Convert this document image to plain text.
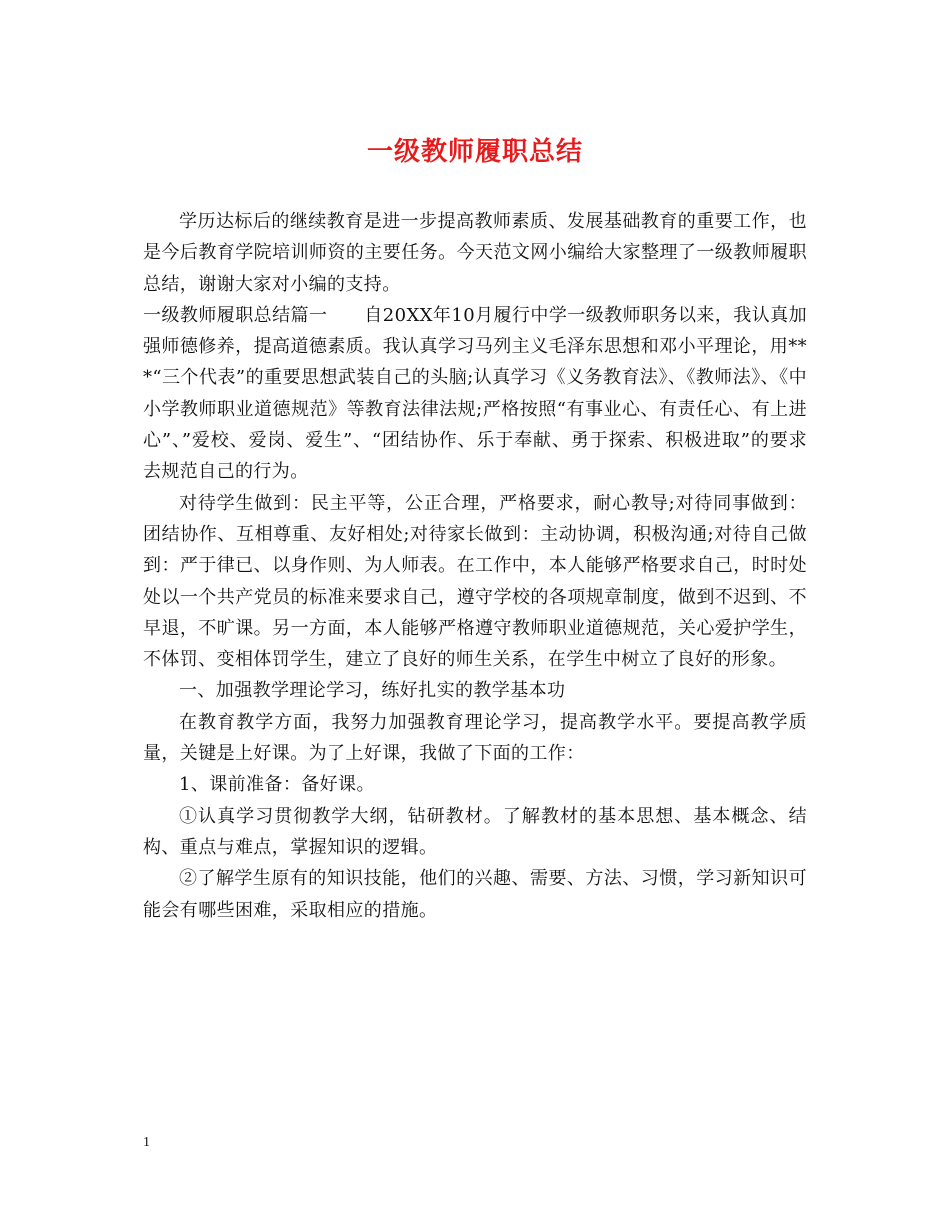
一级教师履职总结

学历达标后的继续教育是进一步提高教师素质、发展基础教育的重要工作，也是今后教育学院培训师资的主要任务。今天范文网小编给大家整理了一级教师履职总结，谢谢大家对小编的支持。

一级教师履职总结篇一　　自20XX年10月履行中学一级教师职务以来，我认真加强师德修养，提高道德素质。我认真学习马列主义毛泽东思想和邓小平理论，用***“三个代表”的重要思想武装自己的头脑;认真学习《义务教育法》、《教师法》、《中小学教师职业道德规范》等教育法律法规;严格按照“有事业心、有责任心、有上进心”、”爱校、爱岗、爱生”、“团结协作、乐于奉献、勇于探索、积极进取”的要求去规范自己的行为。

对待学生做到：民主平等，公正合理，严格要求，耐心教导;对待同事做到：团结协作、互相尊重、友好相处;对待家长做到：主动协调，积极沟通;对待自己做到：严于律已、以身作则、为人师表。在工作中，本人能够严格要求自己，时时处处以一个共产党员的标准来要求自己，遵守学校的各项规章制度，做到不迟到、不早退，不旷课。另一方面，本人能够严格遵守教师职业道德规范，关心爱护学生，不体罚、变相体罚学生，建立了良好的师生关系，在学生中树立了良好的形象。

一、加强教学理论学习，练好扎实的教学基本功

在教育教学方面，我努力加强教育理论学习，提高教学水平。要提高教学质量，关键是上好课。为了上好课，我做了下面的工作：

1、课前准备：备好课。

①认真学习贯彻教学大纲，钻研教材。了解教材的基本思想、基本概念、结构、重点与难点，掌握知识的逻辑。

②了解学生原有的知识技能，他们的兴趣、需要、方法、习惯，学习新知识可能会有哪些困难，采取相应的措施。

1
